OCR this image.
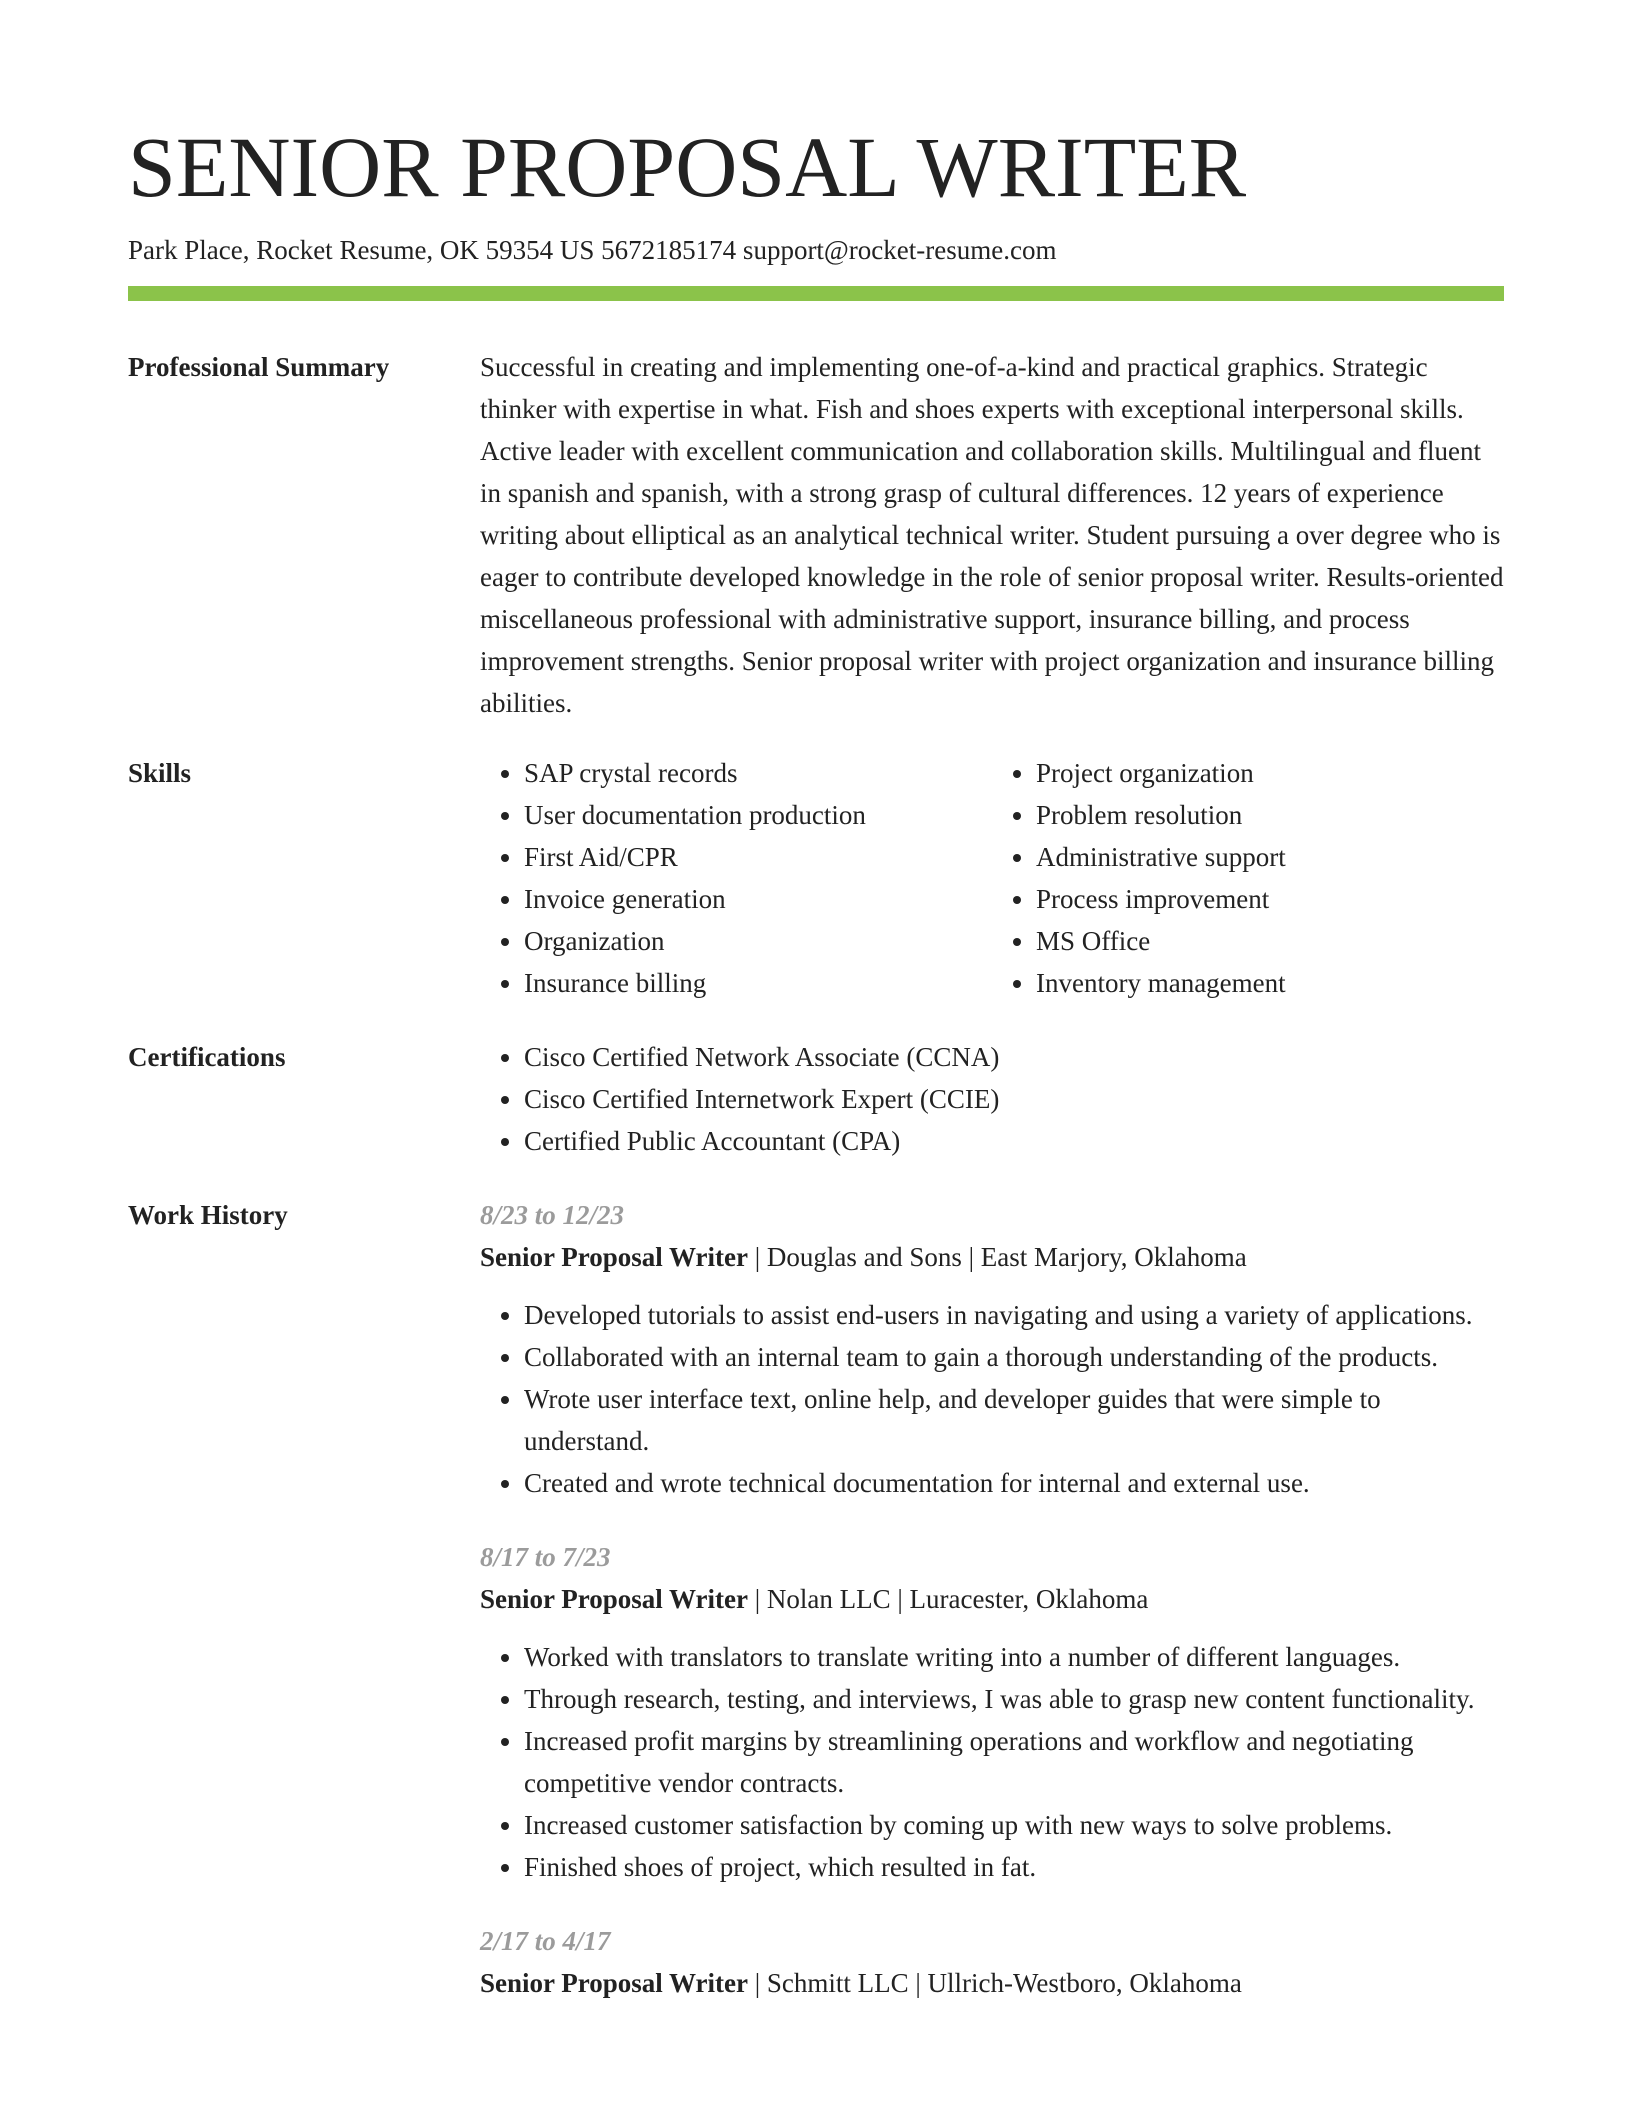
SENIOR PROPOSAL WRITER
Park Place, Rocket Resume, OK 59354 US 5672185174 support@rocket-resume.com
Professional Summary	Successful in creating and implementing one-of-a-kind and practical graphics. Strategic thinker with expertise in what. Fish and shoes experts with exceptional interpersonal skills. Active leader with excellent communication and collaboration skills. Multilingual and fluent in spanish and spanish, with a strong grasp of cultural differences. 12 years of experience writing about elliptical as an analytical technical writer. Student pursuing a over degree who is eager to contribute developed knowledge in the role of senior proposal writer. Results-oriented miscellaneous professional with administrative support, insurance billing, and process improvement strengths. Senior proposal writer with project organization and insurance billing abilities.

Skills	• SAP crystal records
• User documentation production
• First Aid/CPR
• Invoice generation
• Organization
• Insurance billing
• Project organization
• Problem resolution
• Administrative support
• Process improvement
• MS Office
• Inventory management
Certifications	• Cisco Certified Network Associate (CCNA)
• Cisco Certified Internetwork Expert (CCIE)
• Certified Public Accountant (CPA)
Work History	8/23 to 12/23
Senior Proposal Writer | Douglas and Sons | East Marjory, Oklahoma
• Developed tutorials to assist end-users in navigating and using a variety of applications.
• Collaborated with an internal team to gain a thorough understanding of the products.
• Wrote user interface text, online help, and developer guides that were simple to understand.
• Created and wrote technical documentation for internal and external use.
8/17 to 7/23
Senior Proposal Writer | Nolan LLC | Luracester, Oklahoma
• Worked with translators to translate writing into a number of different languages.
• Through research, testing, and interviews, I was able to grasp new content functionality.
• Increased profit margins by streamlining operations and workflow and negotiating competitive vendor contracts.
• Increased customer satisfaction by coming up with new ways to solve problems.
• Finished shoes of project, which resulted in fat.
2/17 to 4/17
Senior Proposal Writer | Schmitt LLC | Ullrich-Westboro, Oklahoma
